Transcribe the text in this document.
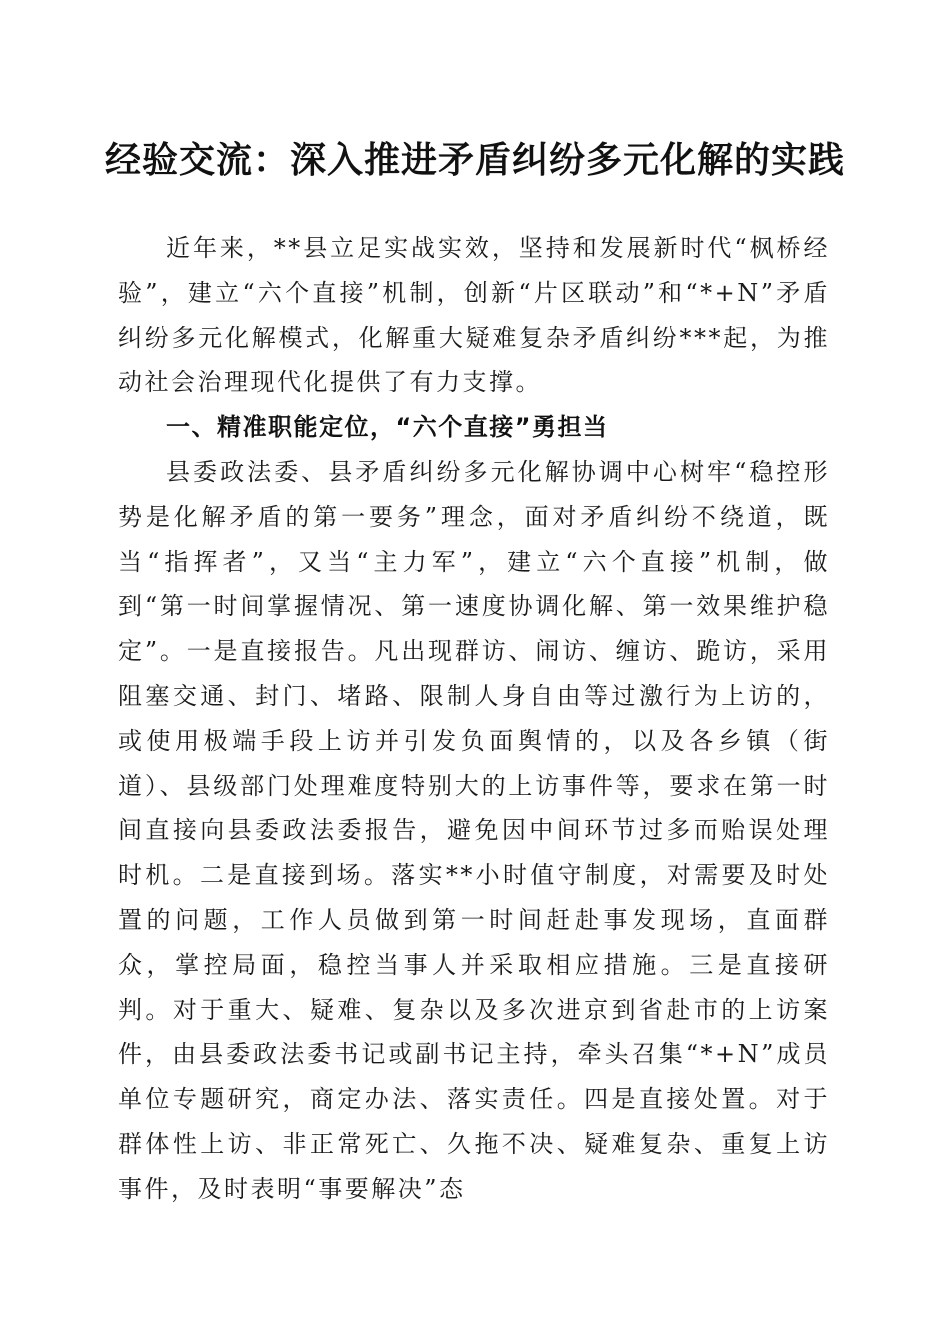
经验交流：深入推进矛盾纠纷多元化解的实践

近年来，**县立足实战实效，坚持和发展新时代“枫桥经验”，建立“六个直接”机制，创新“片区联动”和“*+N”矛盾纠纷多元化解模式，化解重大疑难复杂矛盾纠纷***起，为推动社会治理现代化提供了有力支撑。

一、精准职能定位，“六个直接”勇担当

县委政法委、县矛盾纠纷多元化解协调中心树牢“稳控形势是化解矛盾的第一要务”理念，面对矛盾纠纷不绕道，既当“指挥者”，又当“主力军”，建立“六个直接”机制，做到“第一时间掌握情况、第一速度协调化解、第一效果维护稳定”。一是直接报告。凡出现群访、闹访、缠访、跪访，采用阻塞交通、封门、堵路、限制人身自由等过激行为上访的，或使用极端手段上访并引发负面舆情的，以及各乡镇（街道）、县级部门处理难度特别大的上访事件等，要求在第一时间直接向县委政法委报告，避免因中间环节过多而贻误处理时机。二是直接到场。落实**小时值守制度，对需要及时处置的问题，工作人员做到第一时间赶赴事发现场，直面群众，掌控局面，稳控当事人并采取相应措施。三是直接研判。对于重大、疑难、复杂以及多次进京到省赴市的上访案件，由县委政法委书记或副书记主持，牵头召集“*+N”成员单位专题研究，商定办法、落实责任。四是直接处置。对于群体性上访、非正常死亡、久拖不决、疑难复杂、重复上访事件，及时表明“事要解决”态
